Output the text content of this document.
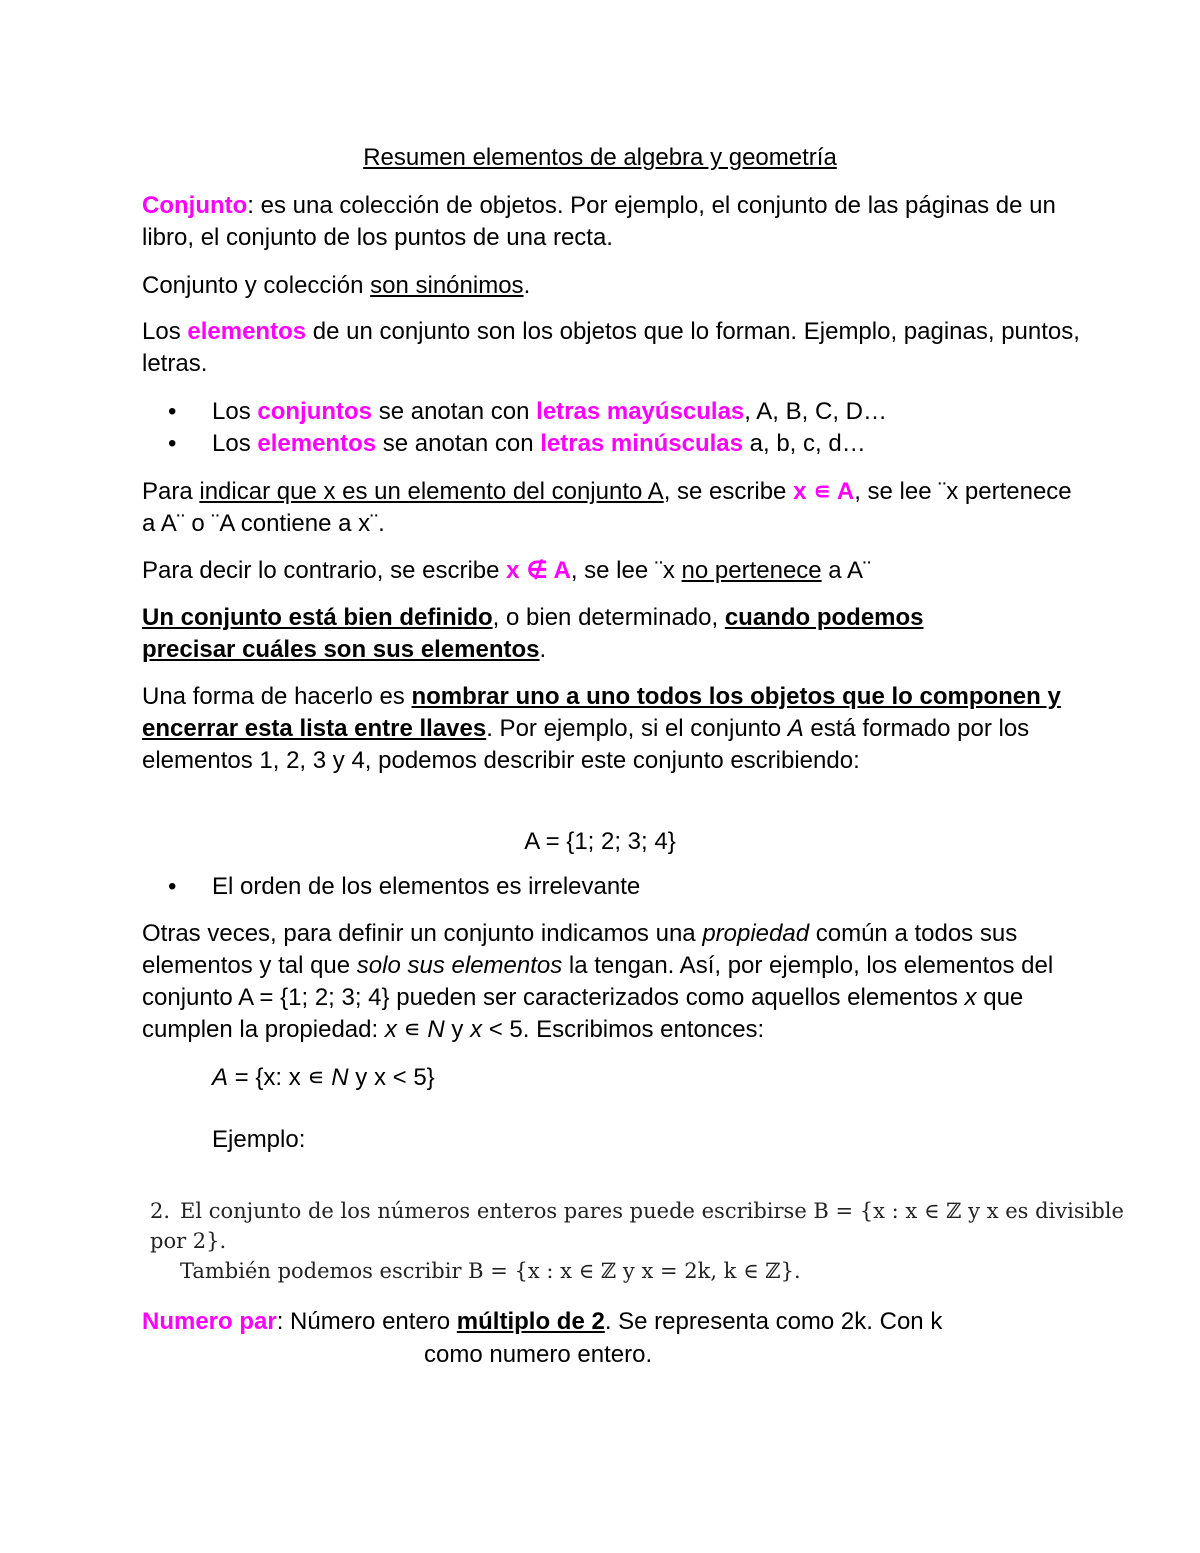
Resumen elementos de algebra y geometría

Conjunto: es una colección de objetos. Por ejemplo, el conjunto de las páginas de un libro, el conjunto de los puntos de una recta.

Conjunto y colección son sinónimos.

Los elementos de un conjunto son los objetos que lo forman. Ejemplo, paginas, puntos, letras.

• Los conjuntos se anotan con letras mayúsculas, A, B, C, D…
• Los elementos se anotan con letras minúsculas a, b, c, d…

Para indicar que x es un elemento del conjunto A, se escribe x ∊ A, se lee ¨x pertenece a A¨ o ¨A contiene a x¨.

Para decir lo contrario, se escribe x ∉ A, se lee ¨x no pertenece a A¨

Un conjunto está bien definido, o bien determinado, cuando podemos precisar cuáles son sus elementos.

Una forma de hacerlo es nombrar uno a uno todos los objetos que lo componen y encerrar esta lista entre llaves. Por ejemplo, si el conjunto A está formado por los elementos 1, 2, 3 y 4, podemos describir este conjunto escribiendo:

A = {1; 2; 3; 4}
• El orden de los elementos es irrelevante

Otras veces, para definir un conjunto indicamos una propiedad común a todos sus elementos y tal que solo sus elementos la tengan. Así, por ejemplo, los elementos del conjunto A = {1; 2; 3; 4} pueden ser caracterizados como aquellos elementos x que cumplen la propiedad: x ∊ N y x < 5. Escribimos entonces:

A = {x: x ∊ N y x < 5}

Ejemplo:

2. El conjunto de los números enteros pares puede escribirse B = {x : x ∈ ℤ y x es divisible por 2}.
También podemos escribir B = {x : x ∈ ℤ y x = 2k, k ∈ ℤ}.

Numero par: Número entero múltiplo de 2. Se representa como 2k. Con k

como numero entero.
